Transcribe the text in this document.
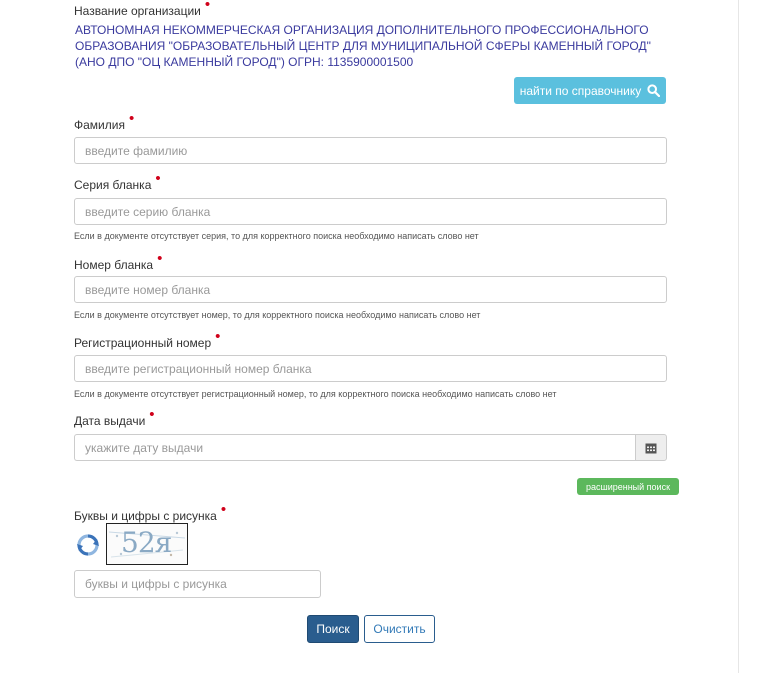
Название организации •
АВТОНОМНАЯ НЕКОММЕРЧЕСКАЯ ОРГАНИЗАЦИЯ ДОПОЛНИТЕЛЬНОГО ПРОФЕССИОНАЛЬНОГО ОБРАЗОВАНИЯ "ОБРАЗОВАТЕЛЬНЫЙ ЦЕНТР ДЛЯ МУНИЦИПАЛЬНОЙ СФЕРЫ КАМЕННЫЙ ГОРОД" (АНО ДПО "ОЦ КАМЕННЫЙ ГОРОД") ОГРН: 1135900001500
найти по справочнику
Фамилия •
введите фамилию
Серия бланка •
введите серию бланка
Если в документе отсутствует серия, то для корректного поиска необходимо написать слово нет
Номер бланка •
введите номер бланка
Если в документе отсутствует номер, то для корректного поиска необходимо написать слово нет
Регистрационный номер •
введите регистрационный номер бланка
Если в документе отсутствует регистрационный номер, то для корректного поиска необходимо написать слово нет
Дата выдачи •
укажите дату выдачи
расширенный поиск
Буквы и цифры с рисунка •
52я
буквы и цифры с рисунка
Поиск	Очистить
